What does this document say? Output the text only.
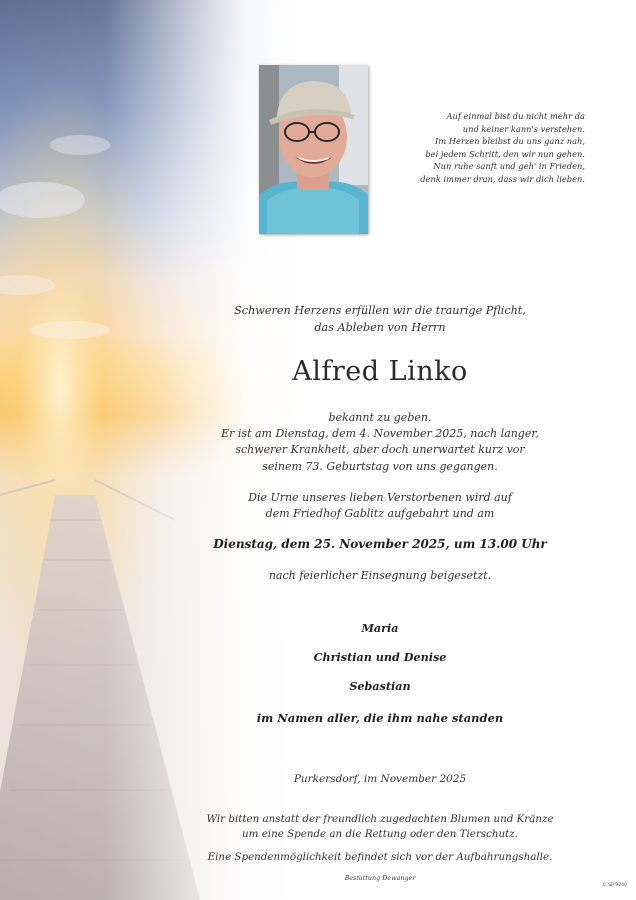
Auf einmal bist du nicht mehr da
und keiner kann's verstehen.
Im Herzen bleibst du uns ganz nah,
bei jedem Schritt, den wir nun gehen.
Nun ruhe sanft und geh' in Frieden,
denk immer dran, dass wir dich lieben.
Schweren Herzens erfüllen wir die traurige Pflicht,
das Ableben von Herrn
Alfred Linko
bekannt zu geben.
Er ist am Dienstag, dem 4. November 2025, nach langer,
schwerer Krankheit, aber doch unerwartet kurz vor
seinem 73. Geburtstag von uns gegangen.
Die Urne unseres lieben Verstorbenen wird auf
dem Friedhof Gablitz aufgebahrt und am
Dienstag, dem 25. November 2025, um 13.00 Uhr
nach feierlicher Einsegnung beigesetzt.
Maria
Christian und Denise
Sebastian
im Namen aller, die ihm nahe standen
Purkersdorf, im November 2025
Wir bitten anstatt der freundlich zugedachten Blumen und Kränze
um eine Spende an die Rettung oder den Tierschutz.
Eine Spendenmöglichkeit befindet sich vor der Aufbahrungshalle.
Bestattung Dewanger
© SP 9240
